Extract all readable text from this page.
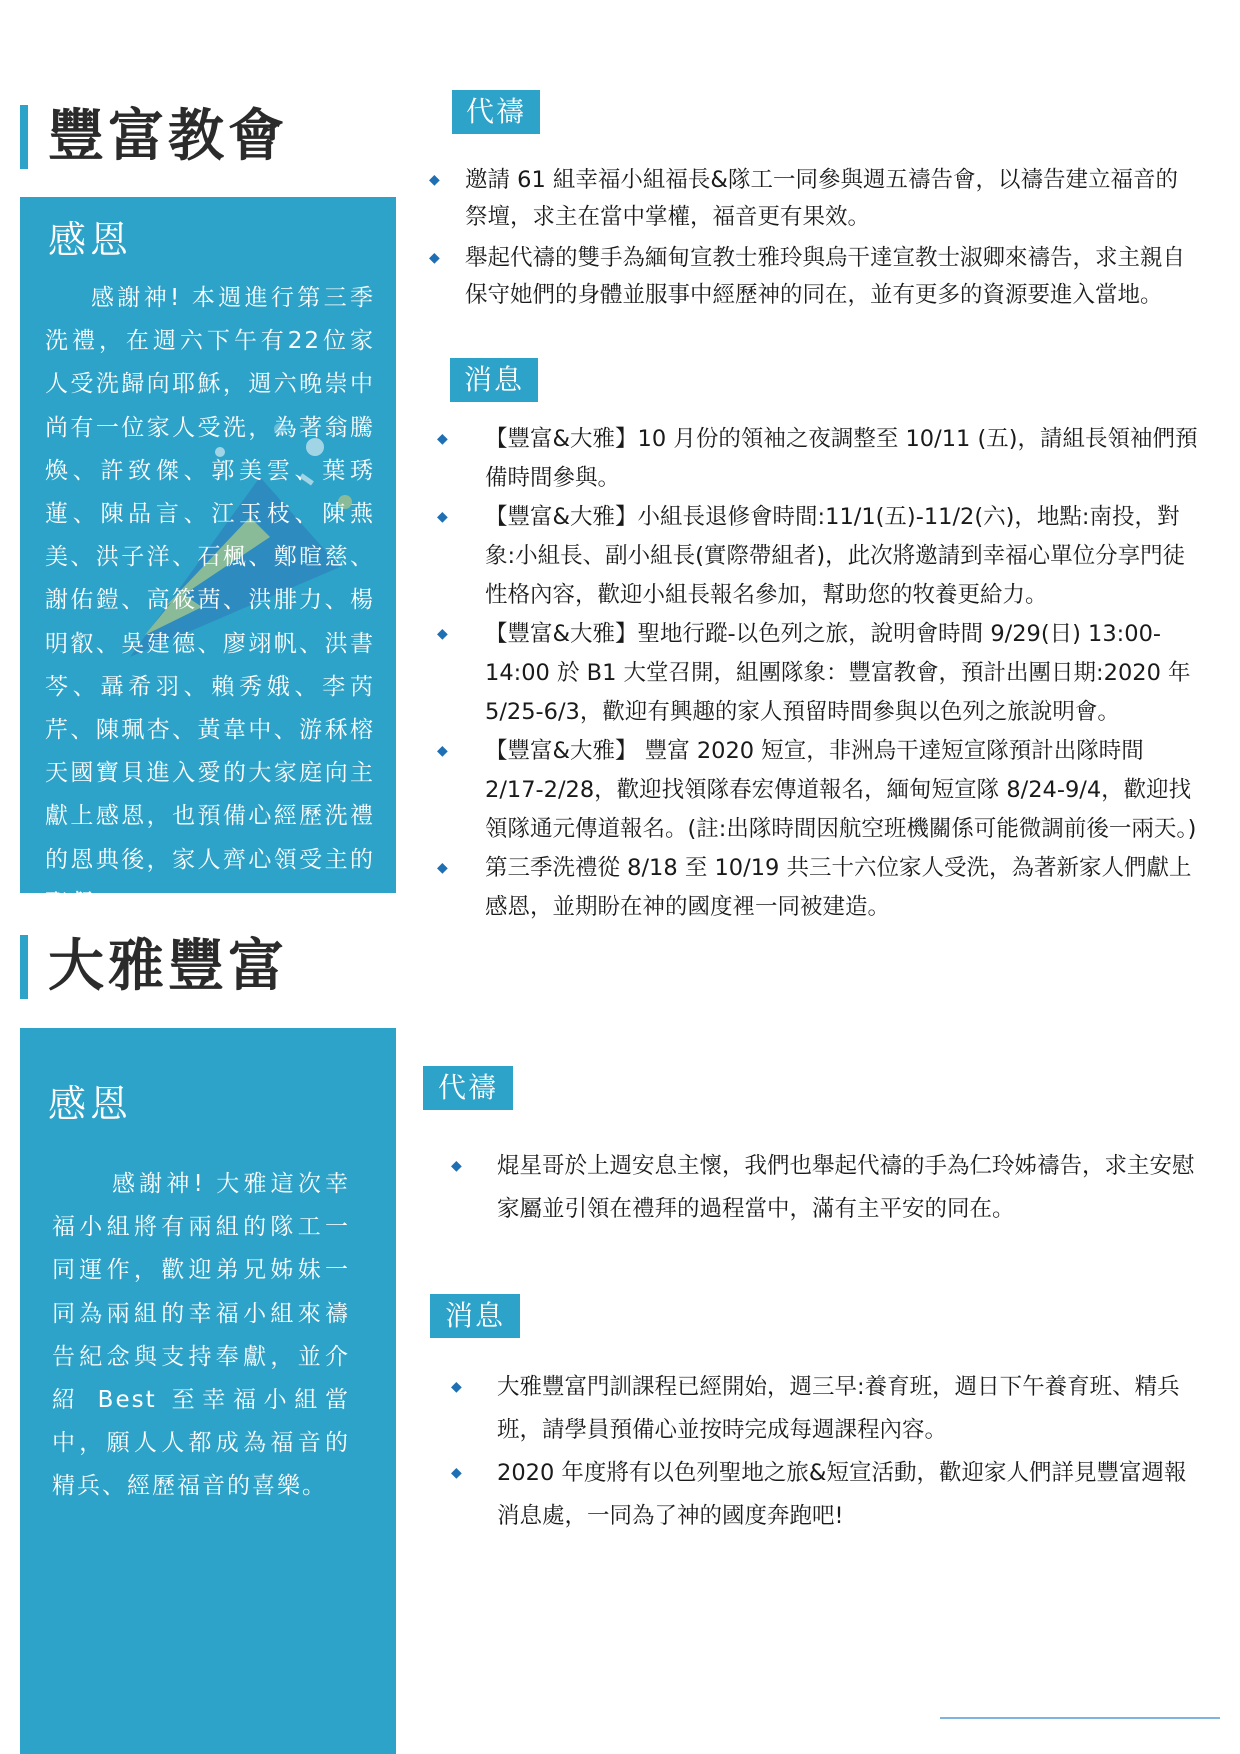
豐富教會
感恩
感謝神! 本週進行第三季洗禮，在週六下午有22位家人受洗歸向耶穌，週六晚崇中尚有一位家人受洗，為著翁騰煥、許致傑、郭美雲、葉琇蓮、陳品言、江玉枝、陳燕美、洪子洋、石楓、鄭暄慈、謝佑鎧、高筱茜、洪腓力、楊明叡、吳建德、廖翊帆、洪書芩、聶希羽、賴秀娥、李芮芹、陳珮杏、黃韋中、游秝榕天國寶貝進入愛的大家庭向主獻上感恩，也預備心經歷洗禮的恩典後，家人齊心領受主的聖餐。
大雅豐富
感恩
感謝神! 大雅這次幸福小組將有兩組的隊工一同運作，歡迎弟兄姊妹一同為兩組的幸福小組來禱告紀念與支持奉獻，並介紹 Best 至幸福小組當中，願人人都成為福音的精兵、經歷福音的喜樂。
代禱
◆ 邀請 61 組幸福小組福長&隊工一同參與週五禱告會，以禱告建立福音的祭壇，求主在當中掌權，福音更有果效。
◆ 舉起代禱的雙手為緬甸宣教士雅玲與烏干達宣教士淑卿來禱告，求主親自保守她們的身體並服事中經歷神的同在，並有更多的資源要進入當地。
消息
◆ 【豐富&大雅】10 月份的領袖之夜調整至 10/11 (五)，請組長領袖們預備時間參與。
◆ 【豐富&大雅】小組長退修會時間:11/1(五)-11/2(六)，地點:南投，對象:小組長、副小組長(實際帶組者)，此次將邀請到幸福心單位分享門徒性格內容，歡迎小組長報名參加，幫助您的牧養更給力。
◆ 【豐富&大雅】聖地行蹤-以色列之旅，說明會時間 9/29(日) 13:00-14:00 於 B1 大堂召開，組團隊象：豐富教會，預計出團日期:2020 年 5/25-6/3，歡迎有興趣的家人預留時間參與以色列之旅說明會。
◆ 【豐富&大雅】 豐富 2020 短宣，非洲烏干達短宣隊預計出隊時間 2/17-2/28，歡迎找領隊春宏傳道報名，緬甸短宣隊 8/24-9/4，歡迎找領隊通元傳道報名。(註:出隊時間因航空班機關係可能微調前後一兩天。)
◆ 第三季洗禮從 8/18 至 10/19 共三十六位家人受洗，為著新家人們獻上感恩，並期盼在神的國度裡一同被建造。
代禱
◆ 焜星哥於上週安息主懷，我們也舉起代禱的手為仁玲姊禱告，求主安慰家屬並引領在禮拜的過程當中，滿有主平安的同在。
消息
◆ 大雅豐富門訓課程已經開始，週三早:養育班，週日下午養育班、精兵班，請學員預備心並按時完成每週課程內容。
◆ 2020 年度將有以色列聖地之旅&短宣活動，歡迎家人們詳見豐富週報消息處，一同為了神的國度奔跑吧!
